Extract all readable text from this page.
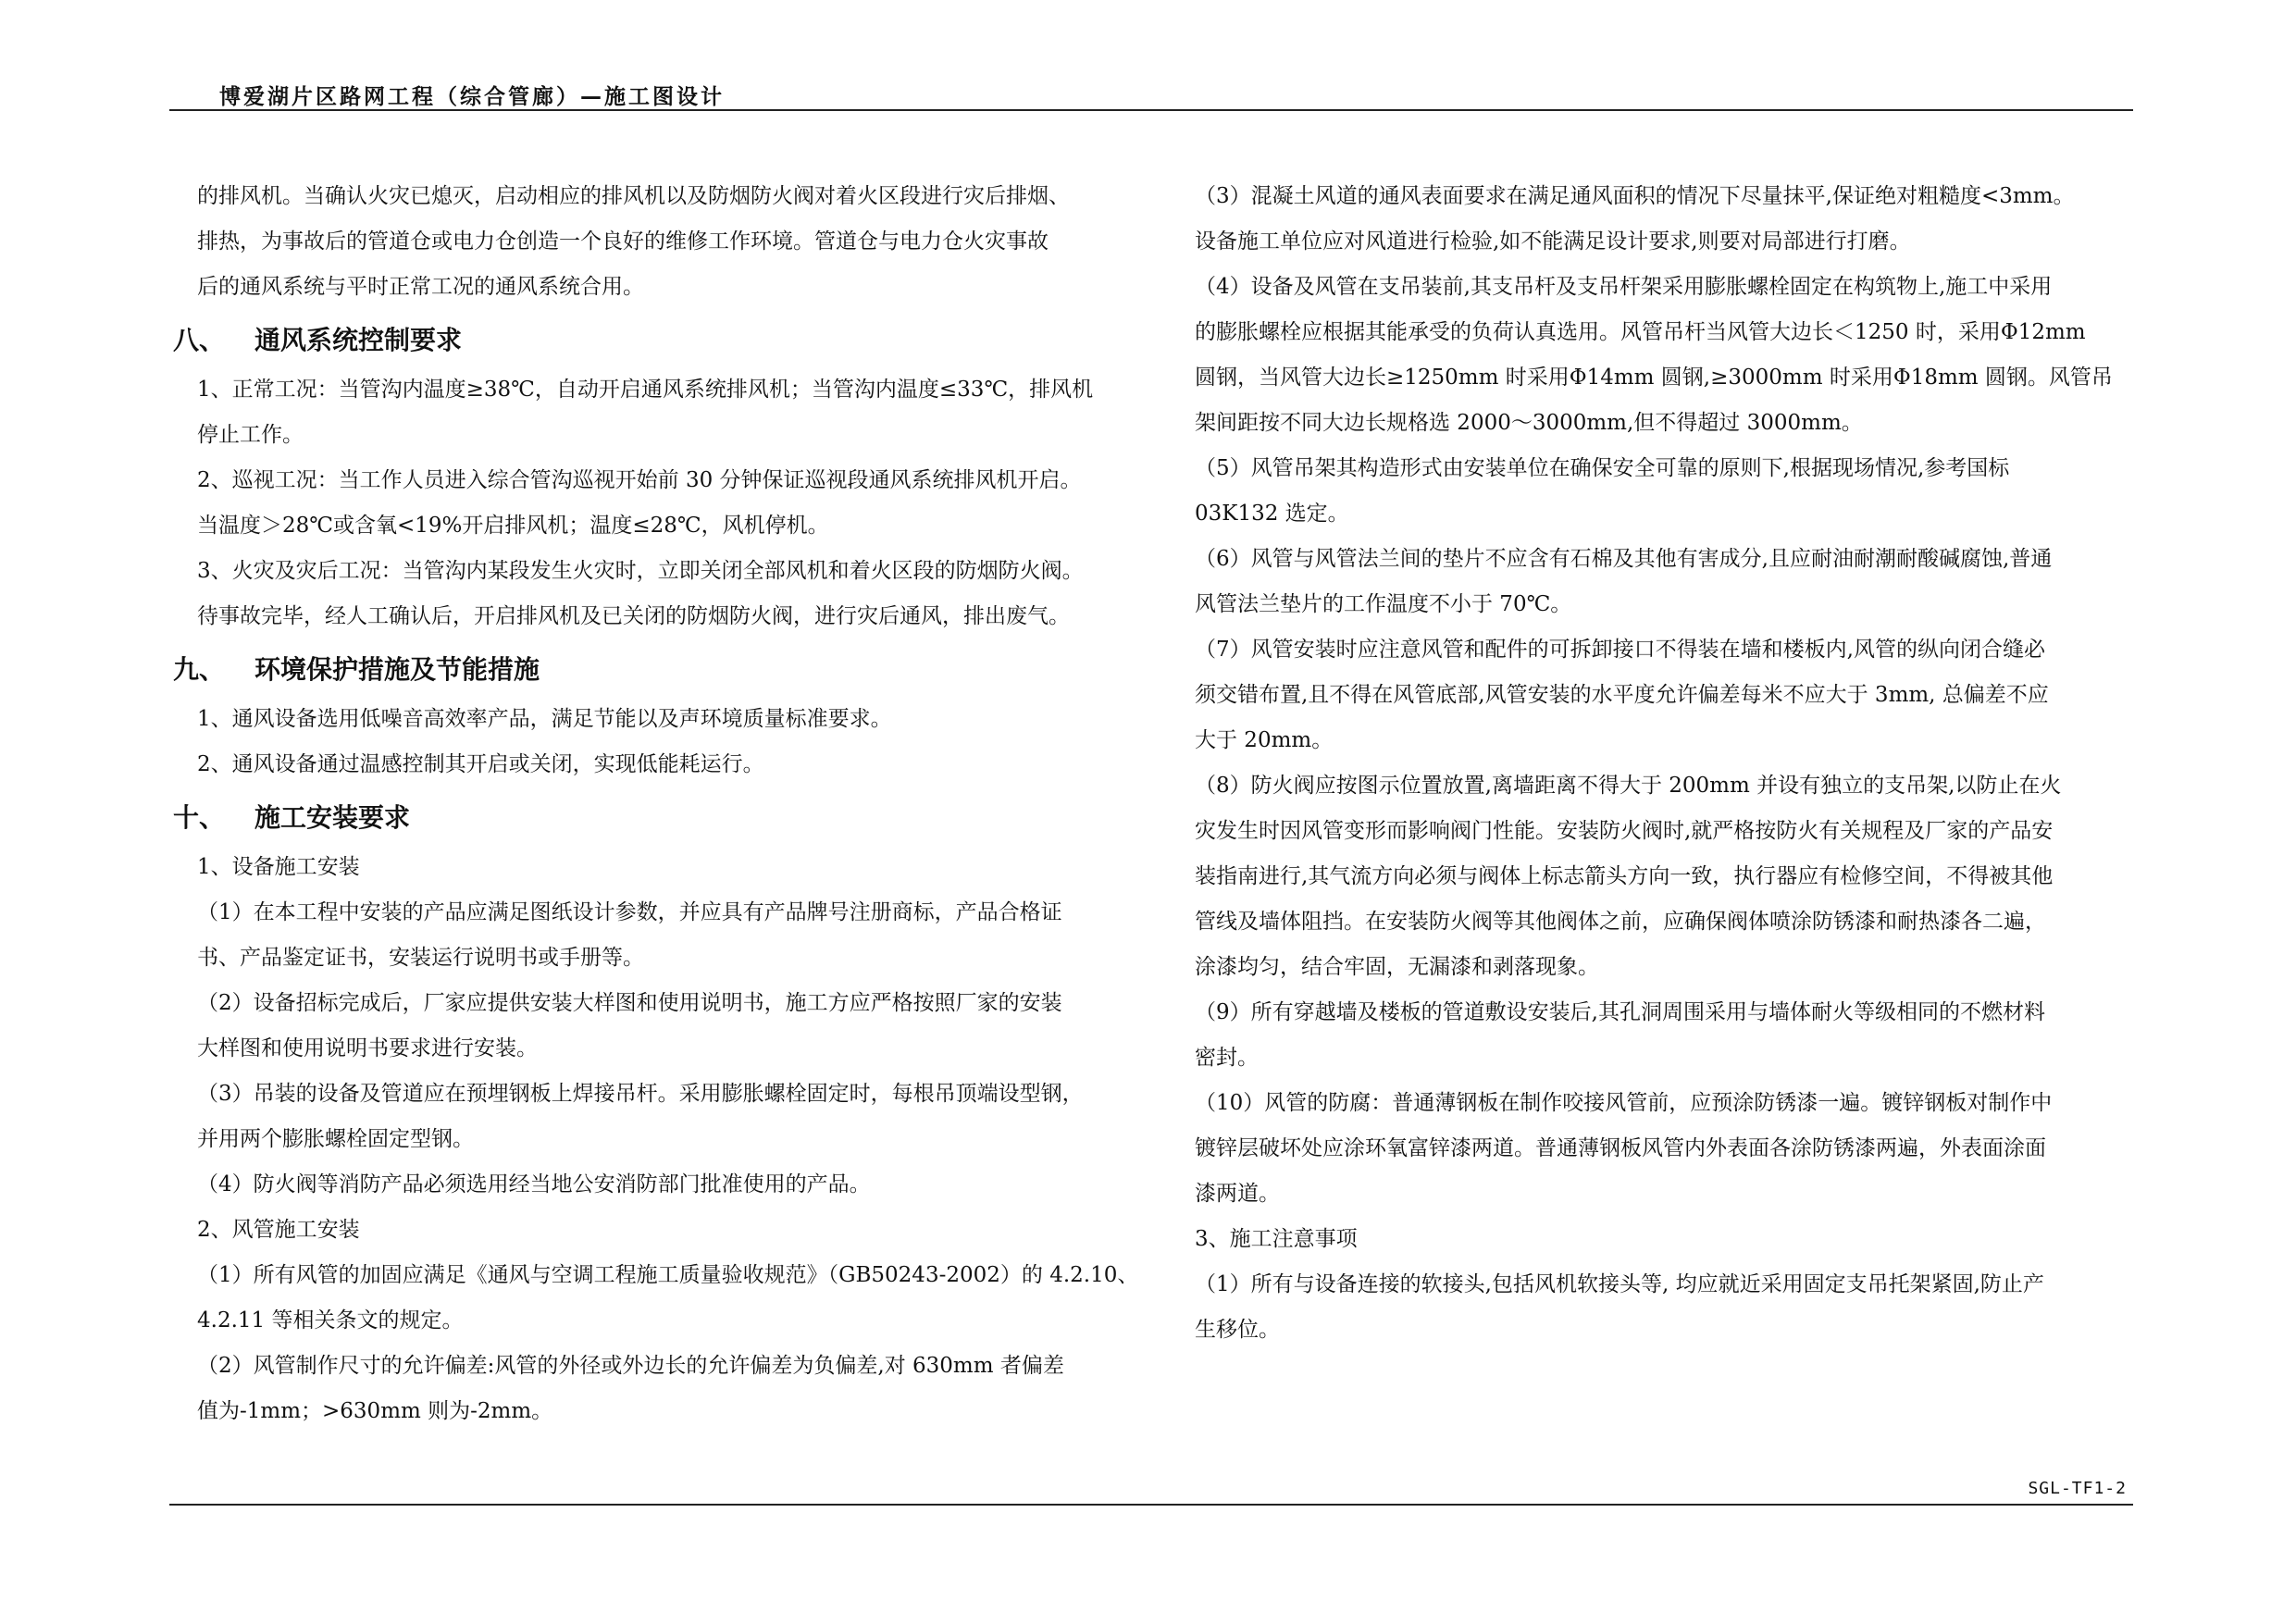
博爱湖片区路网工程（综合管廊）—施工图设计
的排风机。当确认火灾已熄灭，启动相应的排风机以及防烟防火阀对着火区段进行灾后排烟、
排热，为事故后的管道仓或电力仓创造一个良好的维修工作环境。管道仓与电力仓火灾事故
后的通风系统与平时正常工况的通风系统合用。
八、	通风系统控制要求
1、正常工况：当管沟内温度≥38℃，自动开启通风系统排风机；当管沟内温度≤33℃，排风机
停止工作。
2、巡视工况：当工作人员进入综合管沟巡视开始前 30 分钟保证巡视段通风系统排风机开启。
当温度＞28℃或含氧<19%开启排风机；温度≤28℃，风机停机。
3、火灾及灾后工况：当管沟内某段发生火灾时，立即关闭全部风机和着火区段的防烟防火阀。
待事故完毕，经人工确认后，开启排风机及已关闭的防烟防火阀，进行灾后通风，排出废气。
九、	环境保护措施及节能措施
1、通风设备选用低噪音高效率产品，满足节能以及声环境质量标准要求。
2、通风设备通过温感控制其开启或关闭，实现低能耗运行。
十、	施工安装要求
1、设备施工安装
（1）在本工程中安装的产品应满足图纸设计参数，并应具有产品牌号注册商标，产品合格证
书、产品鉴定证书，安装运行说明书或手册等。
（2）设备招标完成后，厂家应提供安装大样图和使用说明书，施工方应严格按照厂家的安装
大样图和使用说明书要求进行安装。
（3）吊装的设备及管道应在预埋钢板上焊接吊杆。采用膨胀螺栓固定时，每根吊顶端设型钢，
并用两个膨胀螺栓固定型钢。
（4）防火阀等消防产品必须选用经当地公安消防部门批准使用的产品。
2、风管施工安装
（1）所有风管的加固应满足《通风与空调工程施工质量验收规范》（GB50243-2002）的 4.2.10、
4.2.11 等相关条文的规定。
（2）风管制作尺寸的允许偏差:风管的外径或外边长的允许偏差为负偏差,对 630mm 者偏差
值为-1mm；>630mm 则为-2mm。
（3）混凝土风道的通风表面要求在满足通风面积的情况下尽量抹平,保证绝对粗糙度<3mm。
设备施工单位应对风道进行检验,如不能满足设计要求,则要对局部进行打磨。
（4）设备及风管在支吊装前,其支吊杆及支吊杆架采用膨胀螺栓固定在构筑物上,施工中采用
的膨胀螺栓应根据其能承受的负荷认真选用。风管吊杆当风管大边长＜1250 时，采用Φ12mm
圆钢，当风管大边长≥1250mm 时采用Φ14mm 圆钢,≥3000mm 时采用Φ18mm 圆钢。风管吊
架间距按不同大边长规格选 2000～3000mm,但不得超过 3000mm。
（5）风管吊架其构造形式由安装单位在确保安全可靠的原则下,根据现场情况,参考国标
03K132 选定。
（6）风管与风管法兰间的垫片不应含有石棉及其他有害成分,且应耐油耐潮耐酸碱腐蚀,普通
风管法兰垫片的工作温度不小于 70℃。
（7）风管安装时应注意风管和配件的可拆卸接口不得装在墙和楼板内,风管的纵向闭合缝必
须交错布置,且不得在风管底部,风管安装的水平度允许偏差每米不应大于 3mm, 总偏差不应
大于 20mm。
（8）防火阀应按图示位置放置,离墙距离不得大于 200mm 并设有独立的支吊架,以防止在火
灾发生时因风管变形而影响阀门性能。安装防火阀时,就严格按防火有关规程及厂家的产品安
装指南进行,其气流方向必须与阀体上标志箭头方向一致，执行器应有检修空间，不得被其他
管线及墙体阻挡。在安装防火阀等其他阀体之前，应确保阀体喷涂防锈漆和耐热漆各二遍，
涂漆均匀，结合牢固，无漏漆和剥落现象。
（9）所有穿越墙及楼板的管道敷设安装后,其孔洞周围采用与墙体耐火等级相同的不燃材料
密封。
（10）风管的防腐：普通薄钢板在制作咬接风管前，应预涂防锈漆一遍。镀锌钢板对制作中
镀锌层破坏处应涂环氧富锌漆两道。普通薄钢板风管内外表面各涂防锈漆两遍，外表面涂面
漆两道。
3、施工注意事项
（1）所有与设备连接的软接头,包括风机软接头等, 均应就近采用固定支吊托架紧固,防止产
生移位。
SGL-TF1-2
